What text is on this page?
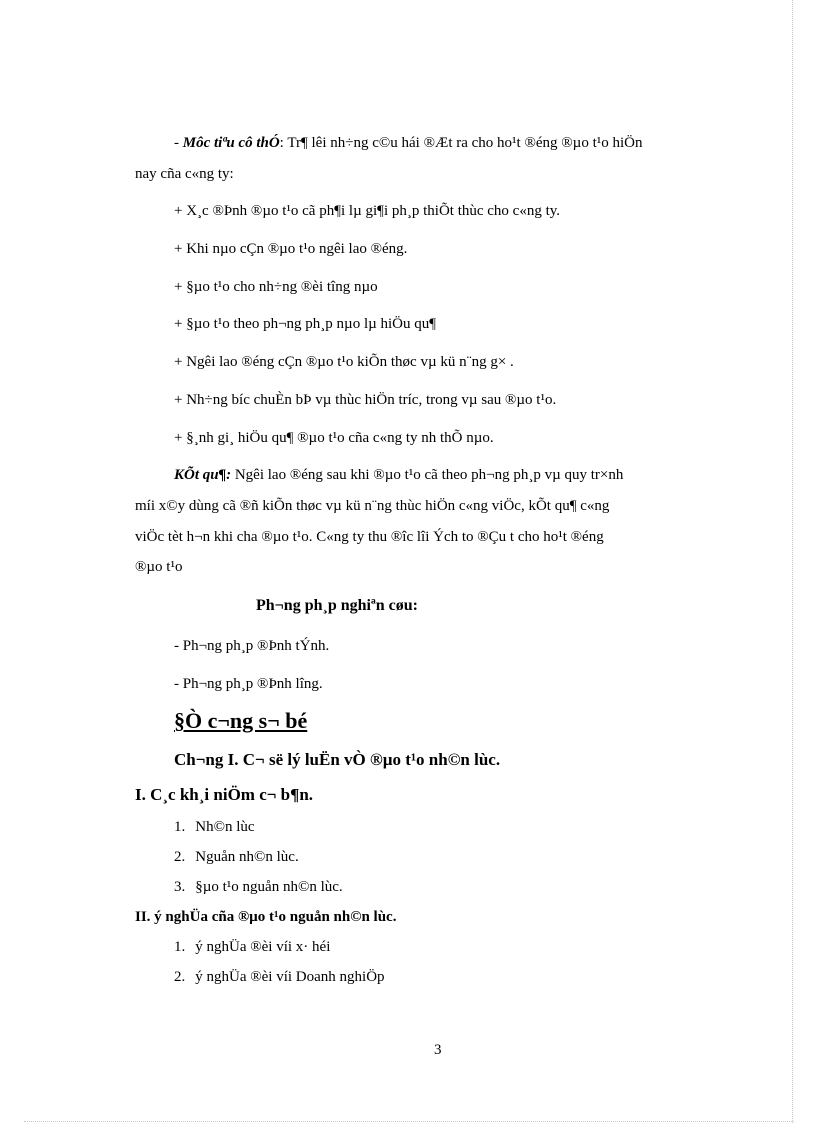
- Môc tiªu cô thÓ: Tr¶ lêi nh÷ng c©u hái ®Æt ra cho ho¹t ®éng ®µo t¹o hiÖn
nay cña c«ng ty:
+ X¸c ®Þnh ®µo t¹o cã ph¶i lµ gi¶i ph¸p thiÕt thùc cho c«ng ty.
+ Khi nµo cÇn ®µo t¹o ngêi lao ®éng.
+ §µo t¹o cho nh÷ng ®èi tîng nµo
+ §µo t¹o theo ph¬ng ph¸p nµo lµ hiÖu qu¶
+ Ngêi lao ®éng cÇn ®µo t¹o kiÕn thøc vµ kü n¨ng g× .
+ Nh÷ng bíc chuÈn bÞ vµ thùc hiÖn tríc, trong vµ sau ®µo t¹o.
+ §¸nh gi¸ hiÖu qu¶ ®µo t¹o cña c«ng ty nh thÕ nµo.
KÕt qu¶: Ngêi lao ®éng sau khi ®µo t¹o cã theo ph¬ng ph¸p vµ quy tr×nh
míi x©y dùng cã ®ñ kiÕn thøc vµ kü n¨ng thùc hiÖn c«ng viÖc, kÕt qu¶ c«ng
viÖc tèt h¬n khi cha ®µo t¹o. C«ng ty thu ®îc lîi Ých to ®Çu t cho ho¹t ®éng
®µo t¹o
Ph¬ng ph¸p nghiªn cøu:
- Ph¬ng ph¸p ®Þnh tÝnh.
- Ph¬ng ph¸p ®Þnh lîng.
§Ò c¬ng s¬ bé
Ch¬ng I. C¬ së lý luËn vÒ ®µo t¹o nh©n lùc.
I. C¸c kh¸i niÖm c¬ b¶n.
1. Nh©n lùc
2. Nguån nh©n lùc.
3. §µo t¹o nguån nh©n lùc.
II. ý nghÜa cña ®µo t¹o nguån nh©n lùc.
1. ý nghÜa ®èi víi x· héi
2. ý nghÜa ®èi víi Doanh nghiÖp
3
